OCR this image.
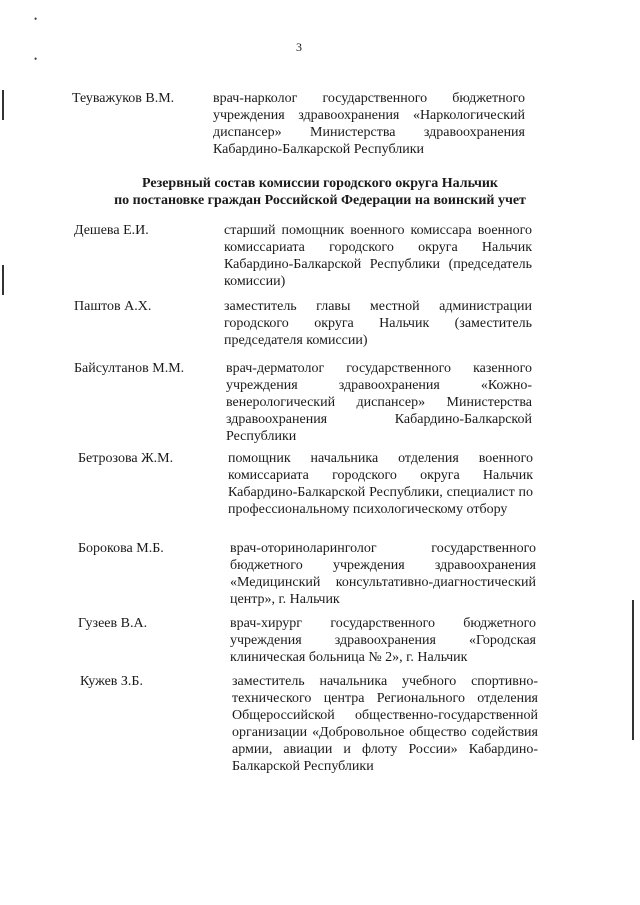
•
•
3
Теуважуков В.М.	врач-нарколог государственного бюджетного учреждения здравоохранения «Наркологический диспансер» Министерства здравоохранения Кабардино-Балкарской Республики
Резервный состав комиссии городского округа Нальчик
по постановке граждан Российской Федерации на воинский учет
Дешева Е.И.	старший помощник военного комиссара военного комиссариата городского округа Нальчик Кабардино-Балкарской Республики (председатель комиссии)
Паштов А.Х.	заместитель главы местной администрации городского округа Нальчик (заместитель председателя комиссии)
Байсултанов М.М.	врач-дерматолог государственного казенного учреждения здравоохранения «Кожно-венерологический диспансер» Министерства здравоохранения Кабардино-Балкарской Республики
Бетрозова Ж.М.	помощник начальника отделения военного комиссариата городского округа Нальчик Кабардино-Балкарской Республики, специалист по профессиональному психологическому отбору
Борокова М.Б.	врач-оториноларинголог государственного бюджетного учреждения здравоохранения «Медицинский консультативно-диагностический центр», г. Нальчик
Гузеев В.А.	врач-хирург государственного бюджетного учреждения здравоохранения «Городская клиническая больница № 2», г. Нальчик
Кужев З.Б.	заместитель начальника учебного спортивно-технического центра Регионального отделения Общероссийской общественно-государственной организации «Добровольное общество содействия армии, авиации и флоту России» Кабардино-Балкарской Республики
